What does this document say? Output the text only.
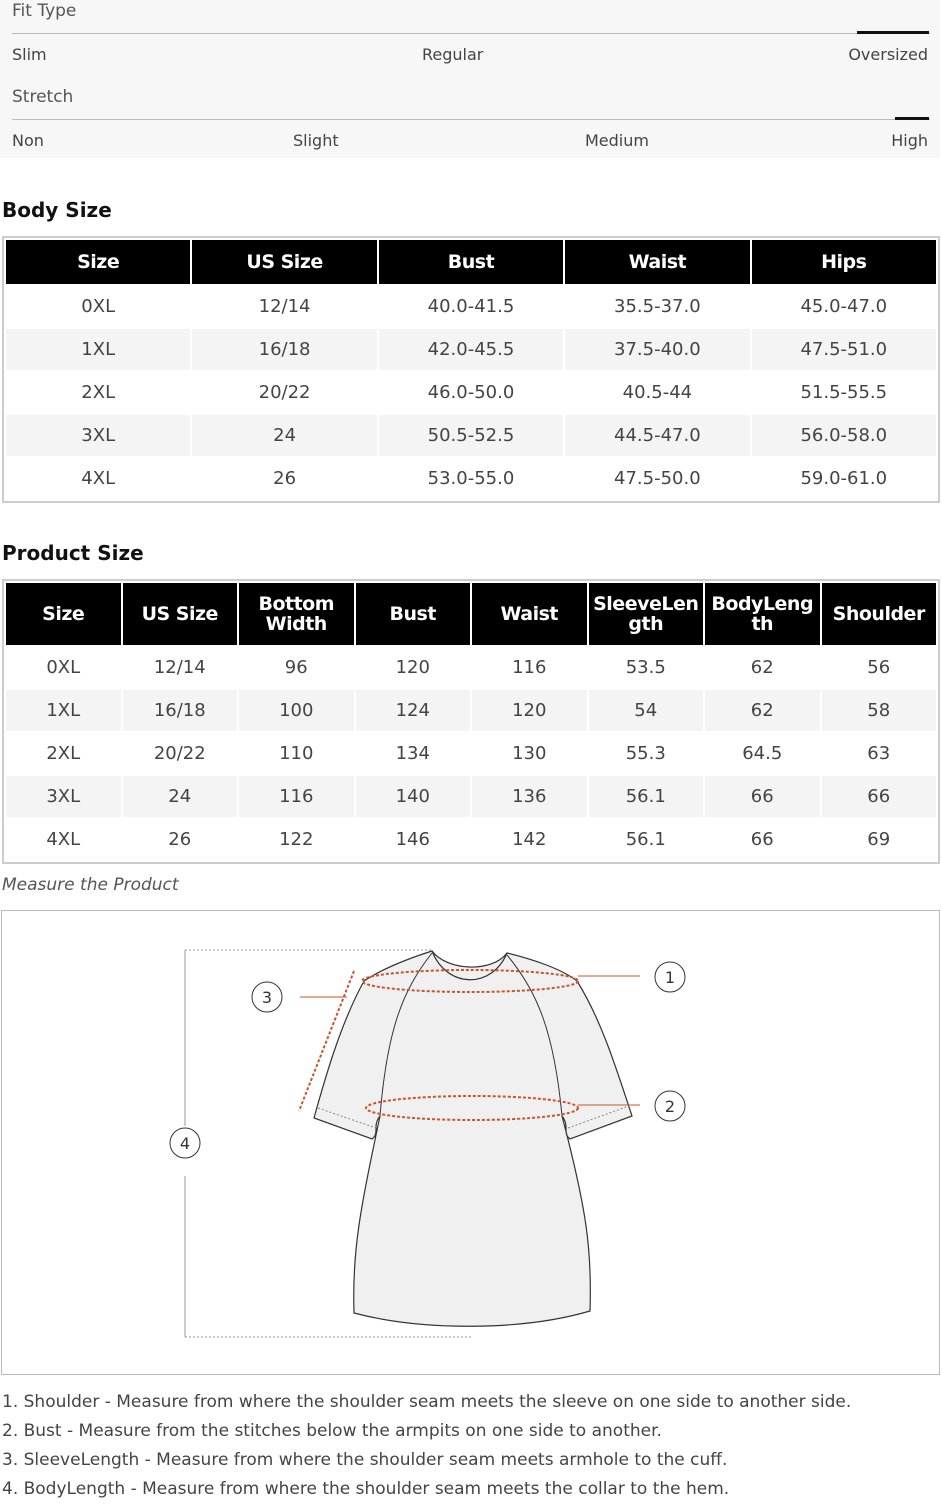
Fit Type
Slim	Regular	Oversized
Stretch
Non	Slight	Medium	High
Body Size
Size	US Size	Bust	Waist	Hips
0XL	12/14	40.0-41.5	35.5-37.0	45.0-47.0
1XL	16/18	42.0-45.5	37.5-40.0	47.5-51.0
2XL	20/22	46.0-50.0	40.5-44	51.5-55.5
3XL	24	50.5-52.5	44.5-47.0	56.0-58.0
4XL	26	53.0-55.0	47.5-50.0	59.0-61.0
Product Size
Size	US Size	Bottom Width	Bust	Waist	SleeveLength	BodyLength	Shoulder
0XL	12/14	96	120	116	53.5	62	56
1XL	16/18	100	124	120	54	62	58
2XL	20/22	110	134	130	55.3	64.5	63
3XL	24	116	140	136	56.1	66	66
4XL	26	122	146	142	56.1	66	69
Measure the Product
1
2
3
4
1. Shoulder - Measure from where the shoulder seam meets the sleeve on one side to another side.
2. Bust - Measure from the stitches below the armpits on one side to another.
3. SleeveLength - Measure from where the shoulder seam meets armhole to the cuff.
4. BodyLength - Measure from where the shoulder seam meets the collar to the hem.
